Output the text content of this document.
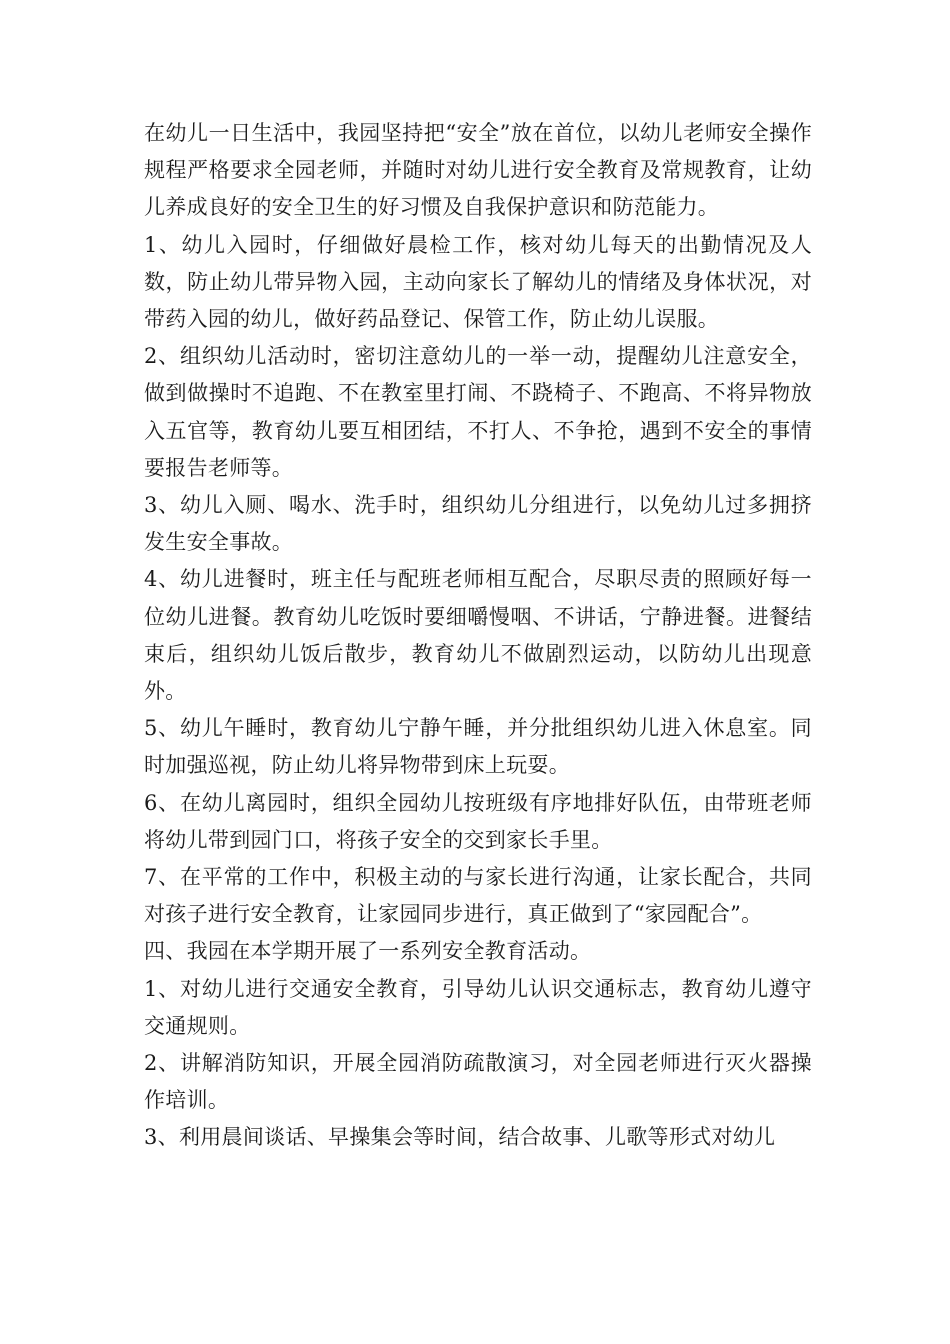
在幼儿一日生活中，我园坚持把“安全”放在首位，以幼儿老师安全操作规程严格要求全园老师，并随时对幼儿进行安全教育及常规教育，让幼儿养成良好的安全卫生的好习惯及自我保护意识和防范能力。

1、幼儿入园时，仔细做好晨检工作，核对幼儿每天的出勤情况及人数，防止幼儿带异物入园，主动向家长了解幼儿的情绪及身体状况，对带药入园的幼儿，做好药品登记、保管工作，防止幼儿误服。

2、组织幼儿活动时，密切注意幼儿的一举一动，提醒幼儿注意安全，做到做操时不追跑、不在教室里打闹、不跷椅子、不跑高、不将异物放入五官等，教育幼儿要互相团结，不打人、不争抢，遇到不安全的事情要报告老师等。

3、幼儿入厕、喝水、洗手时，组织幼儿分组进行，以免幼儿过多拥挤发生安全事故。

4、幼儿进餐时，班主任与配班老师相互配合，尽职尽责的照顾好每一位幼儿进餐。教育幼儿吃饭时要细嚼慢咽、不讲话，宁静进餐。进餐结束后，组织幼儿饭后散步，教育幼儿不做剧烈运动，以防幼儿出现意外。

5、幼儿午睡时，教育幼儿宁静午睡，并分批组织幼儿进入休息室。同时加强巡视，防止幼儿将异物带到床上玩耍。

6、在幼儿离园时，组织全园幼儿按班级有序地排好队伍，由带班老师将幼儿带到园门口，将孩子安全的交到家长手里。

7、在平常的工作中，积极主动的与家长进行沟通，让家长配合，共同对孩子进行安全教育，让家园同步进行，真正做到了“家园配合”。

四、我园在本学期开展了一系列安全教育活动。

1、对幼儿进行交通安全教育，引导幼儿认识交通标志，教育幼儿遵守交通规则。

2、讲解消防知识，开展全园消防疏散演习，对全园老师进行灭火器操作培训。

3、利用晨间谈话、早操集会等时间，结合故事、儿歌等形式对幼儿
